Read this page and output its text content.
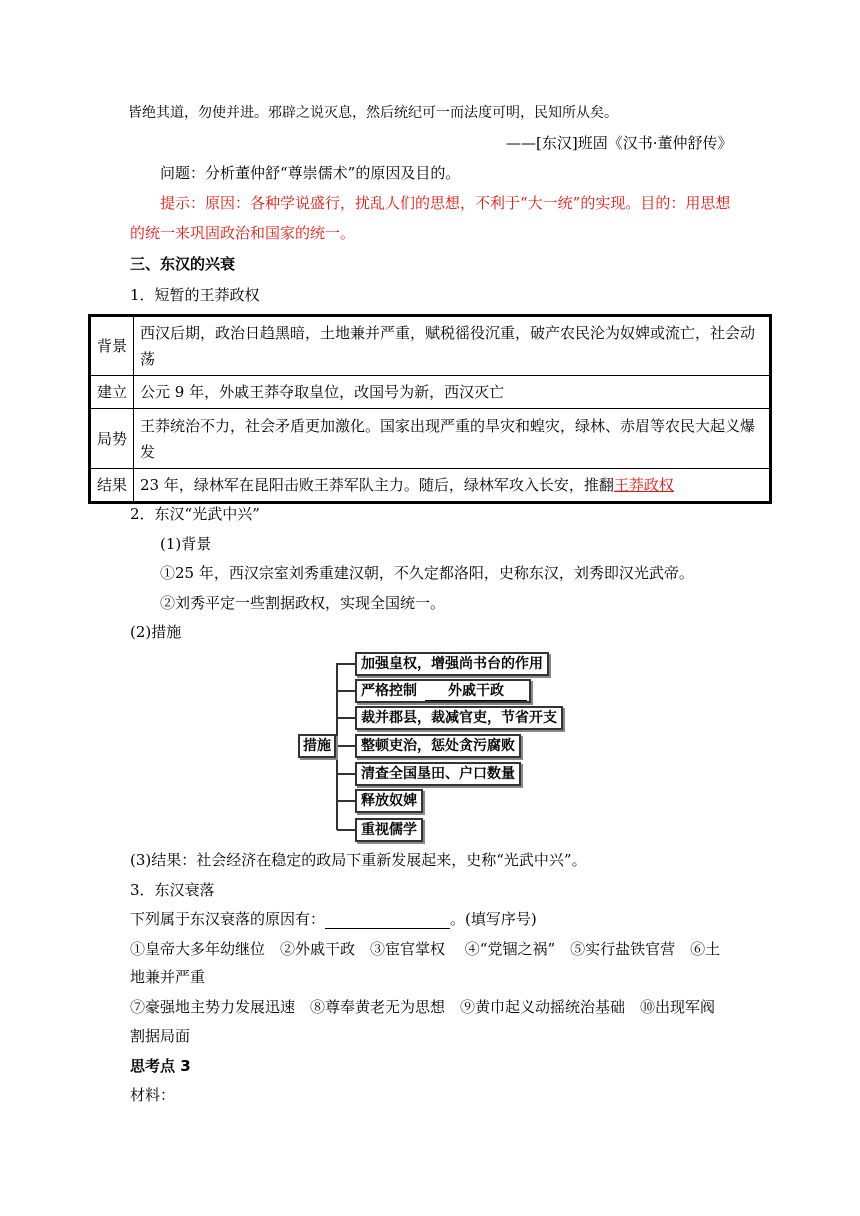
皆绝其道，勿使并进。邪辟之说灭息，然后统纪可一而法度可明，民知所从矣。
——[东汉]班固《汉书·董仲舒传》
问题：分析董仲舒“尊崇儒术”的原因及目的。
提示：原因：各种学说盛行，扰乱人们的思想，不利于“大一统”的实现。目的：用思想
的统一来巩固政治和国家的统一。
三、东汉的兴衰
1．短暂的王莽政权
背景	西汉后期，政治日趋黑暗，土地兼并严重，赋税徭役沉重，破产农民沦为奴婢或流亡，社会动荡
建立	公元 9 年，外戚王莽夺取皇位，改国号为新，西汉灭亡
局势	王莽统治不力，社会矛盾更加激化。国家出现严重的旱灾和蝗灾，绿林、赤眉等农民大起义爆发
结果	23 年，绿林军在昆阳击败王莽军队主力。随后，绿林军攻入长安，推翻王莽政权
2．东汉“光武中兴”
(1)背景
①25 年，西汉宗室刘秀重建汉朝，不久定都洛阳，史称东汉，刘秀即汉光武帝。
②刘秀平定一些割据政权，实现全国统一。
(2)措施
措施
加强皇权，增强尚书台的作用
严格控制 外戚干政
裁并郡县，裁减官吏，节省开支
整顿吏治，惩处贪污腐败
清查全国垦田、户口数量
释放奴婢
重视儒学
(3)结果：社会经济在稳定的政局下重新发展起来，史称“光武中兴”。
3．东汉衰落
下列属于东汉衰落的原因有：	。(填写序号)
①皇帝大多年幼继位　②外戚干政　③宦官掌权　 ④“党锢之祸”　⑤实行盐铁官营　⑥土
地兼并严重
⑦豪强地主势力发展迅速　⑧尊奉黄老无为思想　⑨黄巾起义动摇统治基础　⑩出现军阀
割据局面
思考点 3
材料：
